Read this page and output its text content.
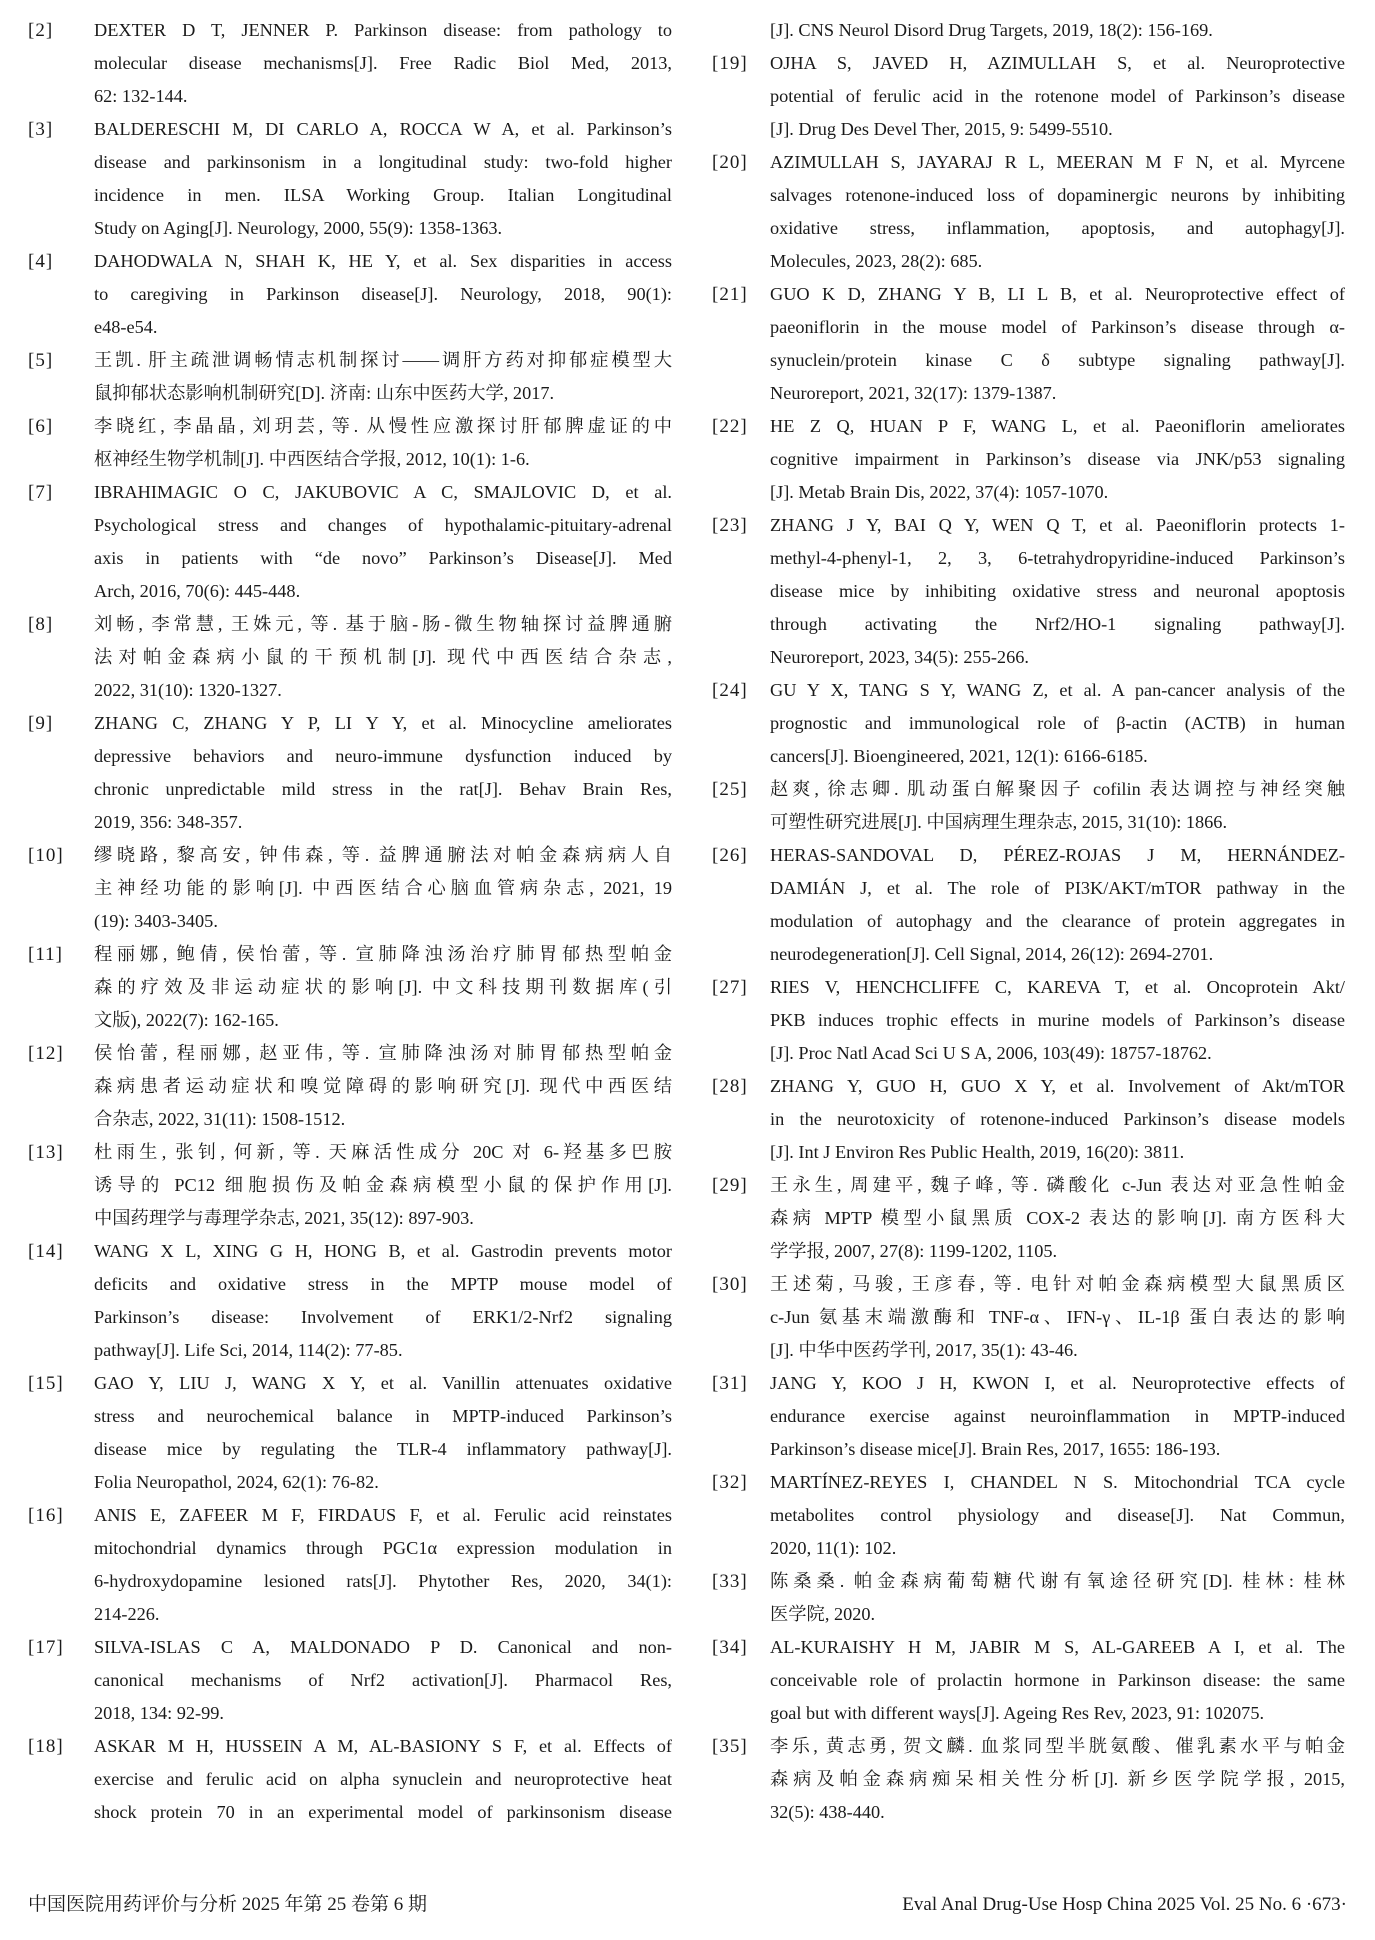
[2] DEXTER D T, JENNER P. Parkinson disease: from pathology to
molecular disease mechanisms[J]. Free Radic Biol Med, 2013,
62: 132-144.
[3] BALDERESCHI M, DI CARLO A, ROCCA W A, et al. Parkinson’s
disease and parkinsonism in a longitudinal study: two-fold higher
incidence in men. ILSA Working Group. Italian Longitudinal
Study on Aging[J]. Neurology, 2000, 55(9): 1358-1363.
[4] DAHODWALA N, SHAH K, HE Y, et al. Sex disparities in access
to caregiving in Parkinson disease[J]. Neurology, 2018, 90(1):
e48-e54.
[5] 王凯. 肝主疏泄调畅情志机制探讨——调肝方药对抑郁症模型大
鼠抑郁状态影响机制研究[D]. 济南: 山东中医药大学, 2017.
[6] 李晓红, 李晶晶, 刘玥芸, 等. 从慢性应激探讨肝郁脾虚证的中
枢神经生物学机制[J]. 中西医结合学报, 2012, 10(1): 1-6.
[7] IBRAHIMAGIC O C, JAKUBOVIC A C, SMAJLOVIC D, et al.
Psychological stress and changes of hypothalamic-pituitary-adrenal
axis in patients with “de novo” Parkinson’s Disease[J]. Med
Arch, 2016, 70(6): 445-448.
[8] 刘畅, 李常慧, 王姝元, 等. 基于脑-肠-微生物轴探讨益脾通腑
法对帕金森病小鼠的干预机制[J]. 现代中西医结合杂志,
2022, 31(10): 1320-1327.
[9] ZHANG C, ZHANG Y P, LI Y Y, et al. Minocycline ameliorates
depressive behaviors and neuro-immune dysfunction induced by
chronic unpredictable mild stress in the rat[J]. Behav Brain Res,
2019, 356: 348-357.
[10] 缪晓路, 黎高安, 钟伟森, 等. 益脾通腑法对帕金森病病人自
主神经功能的影响[J]. 中西医结合心脑血管病杂志, 2021, 19
(19): 3403-3405.
[11] 程丽娜, 鲍倩, 侯怡蕾, 等. 宣肺降浊汤治疗肺胃郁热型帕金
森的疗效及非运动症状的影响[J]. 中文科技期刊数据库(引
文版), 2022(7): 162-165.
[12] 侯怡蕾, 程丽娜, 赵亚伟, 等. 宣肺降浊汤对肺胃郁热型帕金
森病患者运动症状和嗅觉障碍的影响研究[J]. 现代中西医结
合杂志, 2022, 31(11): 1508-1512.
[13] 杜雨生, 张钊, 何新, 等. 天麻活性成分 20C 对 6-羟基多巴胺
诱导的 PC12 细胞损伤及帕金森病模型小鼠的保护作用[J].
中国药理学与毒理学杂志, 2021, 35(12): 897-903.
[14] WANG X L, XING G H, HONG B, et al. Gastrodin prevents motor
deficits and oxidative stress in the MPTP mouse model of
Parkinson’s disease: Involvement of ERK1/2-Nrf2 signaling
pathway[J]. Life Sci, 2014, 114(2): 77-85.
[15] GAO Y, LIU J, WANG X Y, et al. Vanillin attenuates oxidative
stress and neurochemical balance in MPTP-induced Parkinson’s
disease mice by regulating the TLR-4 inflammatory pathway[J].
Folia Neuropathol, 2024, 62(1): 76-82.
[16] ANIS E, ZAFEER M F, FIRDAUS F, et al. Ferulic acid reinstates
mitochondrial dynamics through PGC1α expression modulation in
6-hydroxydopamine lesioned rats[J]. Phytother Res, 2020, 34(1):
214-226.
[17] SILVA-ISLAS C A, MALDONADO P D. Canonical and non-
canonical mechanisms of Nrf2 activation[J]. Pharmacol Res,
2018, 134: 92-99.
[18] ASKAR M H, HUSSEIN A M, AL-BASIONY S F, et al. Effects of
exercise and ferulic acid on alpha synuclein and neuroprotective heat
shock protein 70 in an experimental model of parkinsonism disease
[J]. CNS Neurol Disord Drug Targets, 2019, 18(2): 156-169.
[19] OJHA S, JAVED H, AZIMULLAH S, et al. Neuroprotective
potential of ferulic acid in the rotenone model of Parkinson’s disease
[J]. Drug Des Devel Ther, 2015, 9: 5499-5510.
[20] AZIMULLAH S, JAYARAJ R L, MEERAN M F N, et al. Myrcene
salvages rotenone-induced loss of dopaminergic neurons by inhibiting
oxidative stress, inflammation, apoptosis, and autophagy[J].
Molecules, 2023, 28(2): 685.
[21] GUO K D, ZHANG Y B, LI L B, et al. Neuroprotective effect of
paeoniflorin in the mouse model of Parkinson’s disease through α-
synuclein/protein kinase C δ subtype signaling pathway[J].
Neuroreport, 2021, 32(17): 1379-1387.
[22] HE Z Q, HUAN P F, WANG L, et al. Paeoniflorin ameliorates
cognitive impairment in Parkinson’s disease via JNK/p53 signaling
[J]. Metab Brain Dis, 2022, 37(4): 1057-1070.
[23] ZHANG J Y, BAI Q Y, WEN Q T, et al. Paeoniflorin protects 1-
methyl-4-phenyl-1, 2, 3, 6-tetrahydropyridine-induced Parkinson’s
disease mice by inhibiting oxidative stress and neuronal apoptosis
through activating the Nrf2/HO-1 signaling pathway[J].
Neuroreport, 2023, 34(5): 255-266.
[24] GU Y X, TANG S Y, WANG Z, et al. A pan-cancer analysis of the
prognostic and immunological role of β-actin (ACTB) in human
cancers[J]. Bioengineered, 2021, 12(1): 6166-6185.
[25] 赵爽, 徐志卿. 肌动蛋白解聚因子 cofilin 表达调控与神经突触
可塑性研究进展[J]. 中国病理生理杂志, 2015, 31(10): 1866.
[26] HERAS-SANDOVAL D, PÉREZ-ROJAS J M, HERNÁNDEZ-
DAMIÁN J, et al. The role of PI3K/AKT/mTOR pathway in the
modulation of autophagy and the clearance of protein aggregates in
neurodegeneration[J]. Cell Signal, 2014, 26(12): 2694-2701.
[27] RIES V, HENCHCLIFFE C, KAREVA T, et al. Oncoprotein Akt/
PKB induces trophic effects in murine models of Parkinson’s disease
[J]. Proc Natl Acad Sci U S A, 2006, 103(49): 18757-18762.
[28] ZHANG Y, GUO H, GUO X Y, et al. Involvement of Akt/mTOR
in the neurotoxicity of rotenone-induced Parkinson’s disease models
[J]. Int J Environ Res Public Health, 2019, 16(20): 3811.
[29] 王永生, 周建平, 魏子峰, 等. 磷酸化 c-Jun 表达对亚急性帕金
森病 MPTP 模型小鼠黑质 COX-2 表达的影响[J]. 南方医科大
学学报, 2007, 27(8): 1199-1202, 1105.
[30] 王述菊, 马骏, 王彦春, 等. 电针对帕金森病模型大鼠黑质区
c-Jun 氨基末端激酶和 TNF-α、IFN-γ、IL-1β 蛋白表达的影响
[J]. 中华中医药学刊, 2017, 35(1): 43-46.
[31] JANG Y, KOO J H, KWON I, et al. Neuroprotective effects of
endurance exercise against neuroinflammation in MPTP-induced
Parkinson’s disease mice[J]. Brain Res, 2017, 1655: 186-193.
[32] MARTÍNEZ-REYES I, CHANDEL N S. Mitochondrial TCA cycle
metabolites control physiology and disease[J]. Nat Commun,
2020, 11(1): 102.
[33] 陈桑桑. 帕金森病葡萄糖代谢有氧途径研究[D]. 桂林: 桂林
医学院, 2020.
[34] AL-KURAISHY H M, JABIR M S, AL-GAREEB A I, et al. The
conceivable role of prolactin hormone in Parkinson disease: the same
goal but with different ways[J]. Ageing Res Rev, 2023, 91: 102075.
[35] 李乐, 黄志勇, 贺文麟. 血浆同型半胱氨酸、催乳素水平与帕金
森病及帕金森病痴呆相关性分析[J]. 新乡医学院学报, 2015,
32(5): 438-440.
中国医院用药评价与分析 2025 年第 25 卷第 6 期	Eval Anal Drug-Use Hosp China 2025 Vol. 25 No. 6 ·673·
